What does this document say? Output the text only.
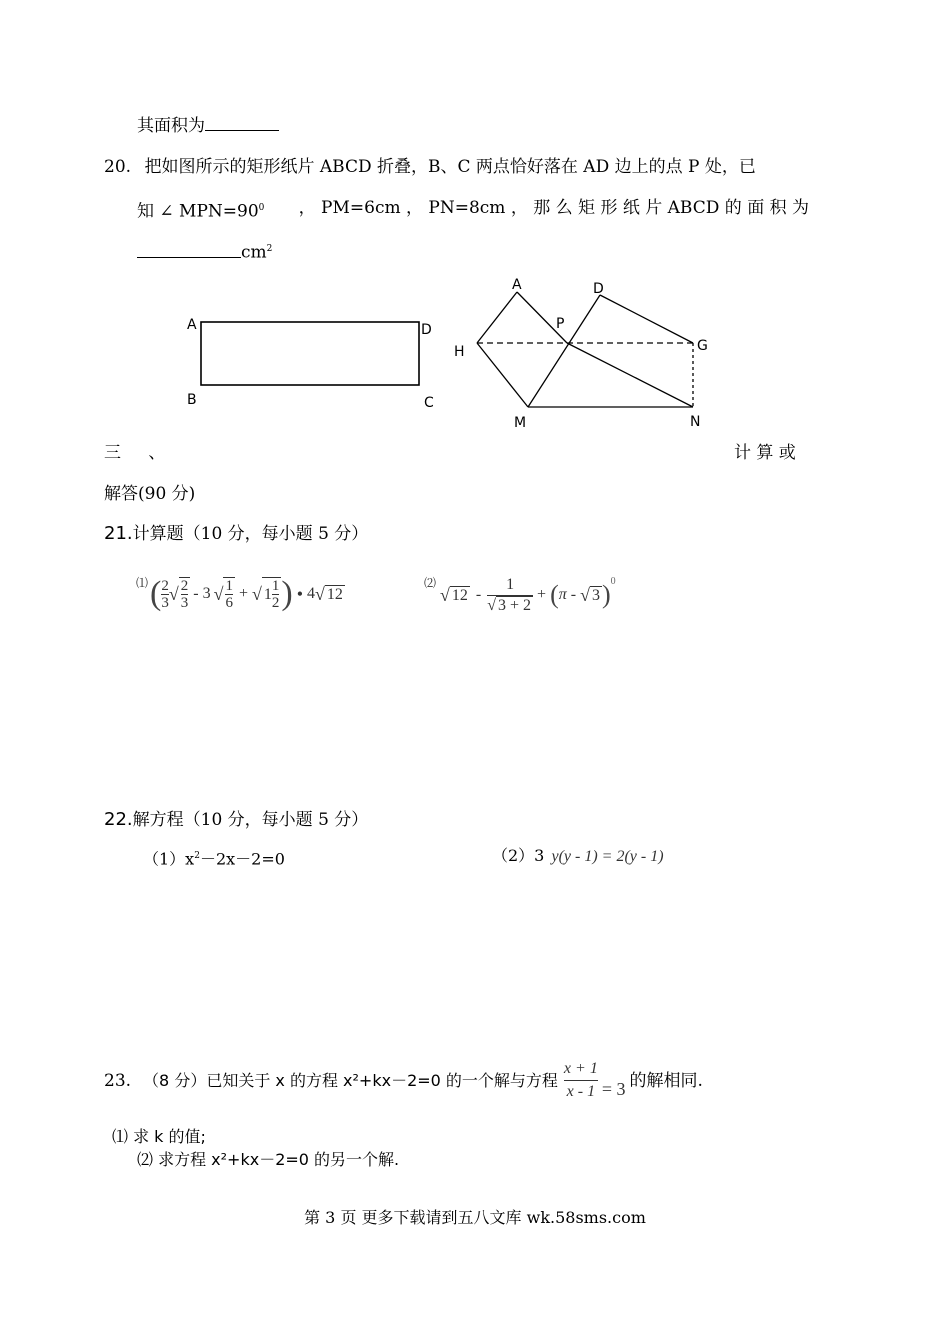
其面积为
20. 把如图所示的矩形纸片 ABCD 折叠，B、C 两点恰好落在 AD 边上的点 P 处，已
知 ∠ $MPN=90^0$ ， PM=6cm ， PN=8cm ， 那 么 矩 形 纸 片 ABCD 的 面 积 为
$cm^2$
A	D
B	C
A	D
P
H	G
M	N
三 、	计 算 或
解答(90 分)
21.计算题（10 分，每小题 5 分）
⑴ ( $\frac{2}{3}$ √ $\frac{2}{3} - 3$ √ $\frac{1}{6}$ + √ $1 \frac{1}{2}$ ) • 4 √ 12
⑵
√ $12 - \frac{1}{√ 3 + 2}$ + ( π - √ 3 )$^0$
22.解方程（10 分，每小题 5 分）
$(1)x^2-2x-2=0$	（2）3 y(y - 1) = 2(y - 1)
23. （8 分）已知关于 x 的方程 x²+kx－2=0 的一个解与方程 $\frac{x + 1}{x - 1} = 3$ 的解相同.
⑴ 求 k 的值;
⑵ 求方程 x²+kx－2=0 的另一个解.
第 3 页 更多下载请到五八文库 wk.58sms.com
